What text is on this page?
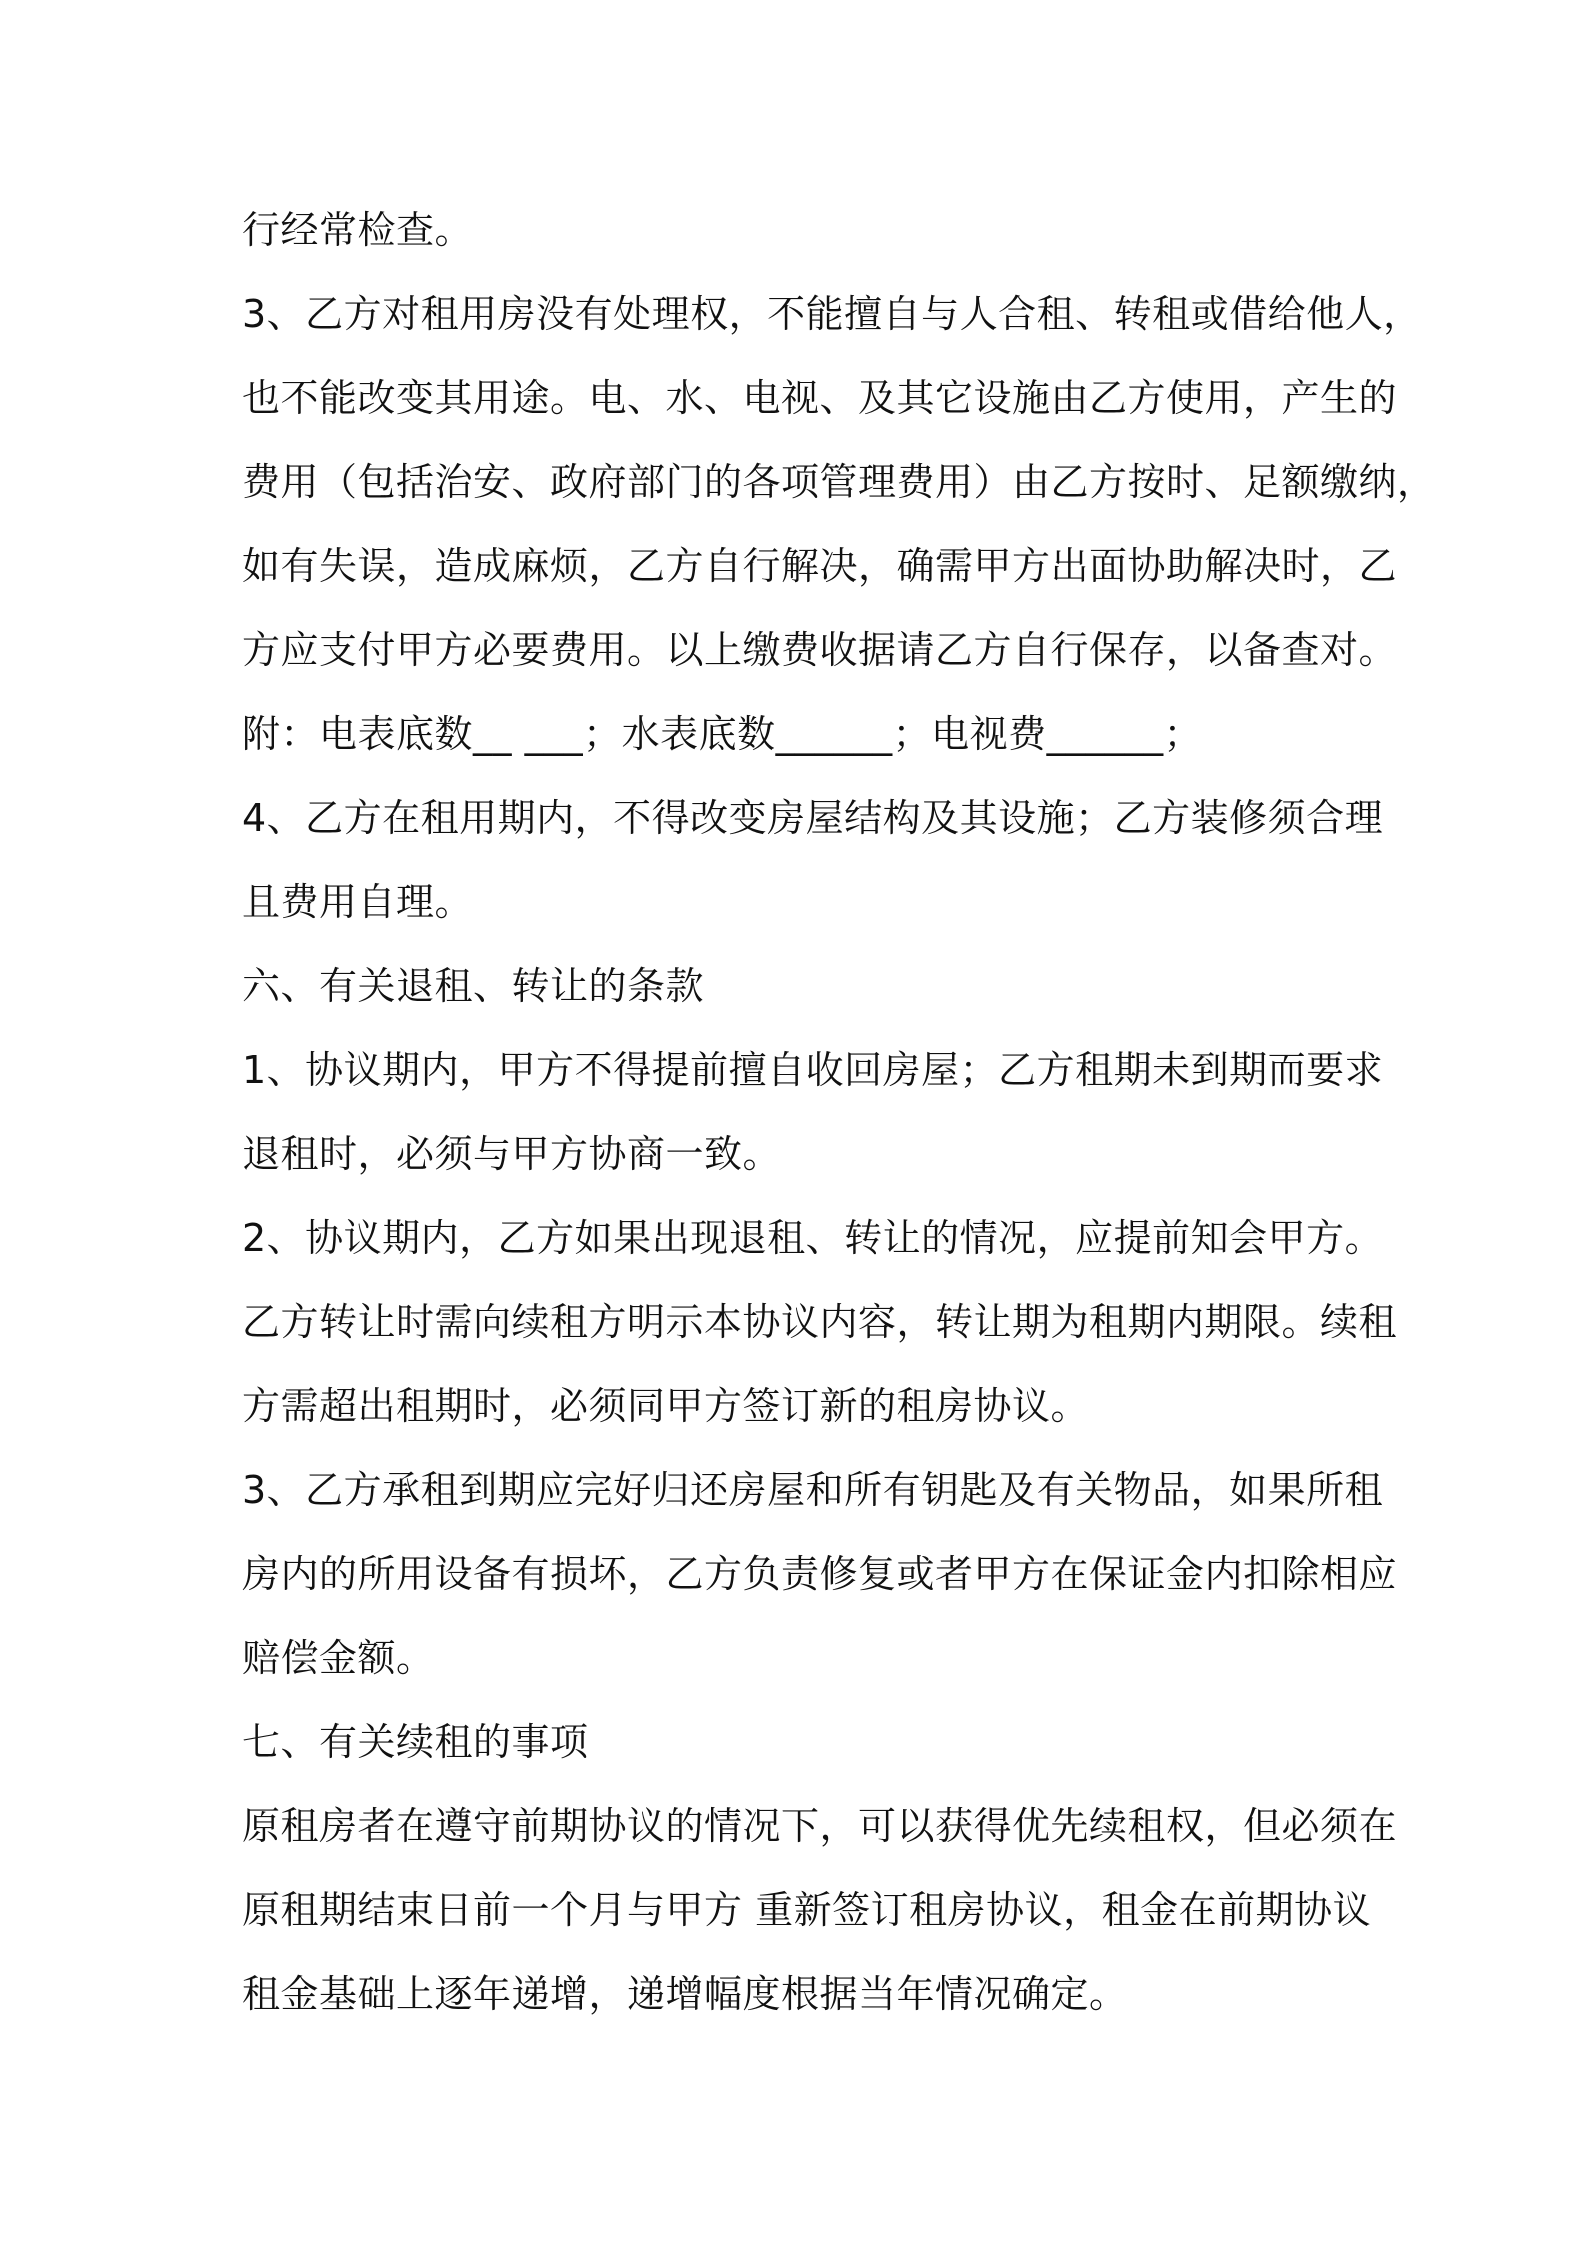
行经常检查。
3、乙方对租用房没有处理权，不能擅自与人合租、转租或借给他人，
也不能改变其用途。电、水、电视、及其它设施由乙方使用，产生的
费用（包括治安、政府部门的各项管理费用）由乙方按时、足额缴纳，
如有失误，造成麻烦，乙方自行解决，确需甲方出面协助解决时，乙
方应支付甲方必要费用。以上缴费收据请乙方自行保存，以备查对。
附：电表底数__ ___；水表底数______；电视费______；
4、乙方在租用期内，不得改变房屋结构及其设施；乙方装修须合理
且费用自理。
六、有关退租、转让的条款
1、协议期内，甲方不得提前擅自收回房屋；乙方租期未到期而要求
退租时，必须与甲方协商一致。
2、协议期内，乙方如果出现退租、转让的情况，应提前知会甲方。
乙方转让时需向续租方明示本协议内容，转让期为租期内期限。续租
方需超出租期时，必须同甲方签订新的租房协议。
3、乙方承租到期应完好归还房屋和所有钥匙及有关物品，如果所租
房内的所用设备有损坏，乙方负责修复或者甲方在保证金内扣除相应
赔偿金额。
七、有关续租的事项
原租房者在遵守前期协议的情况下，可以获得优先续租权，但必须在
原租期结束日前一个月与甲方 重新签订租房协议，租金在前期协议
租金基础上逐年递增，递增幅度根据当年情况确定。
